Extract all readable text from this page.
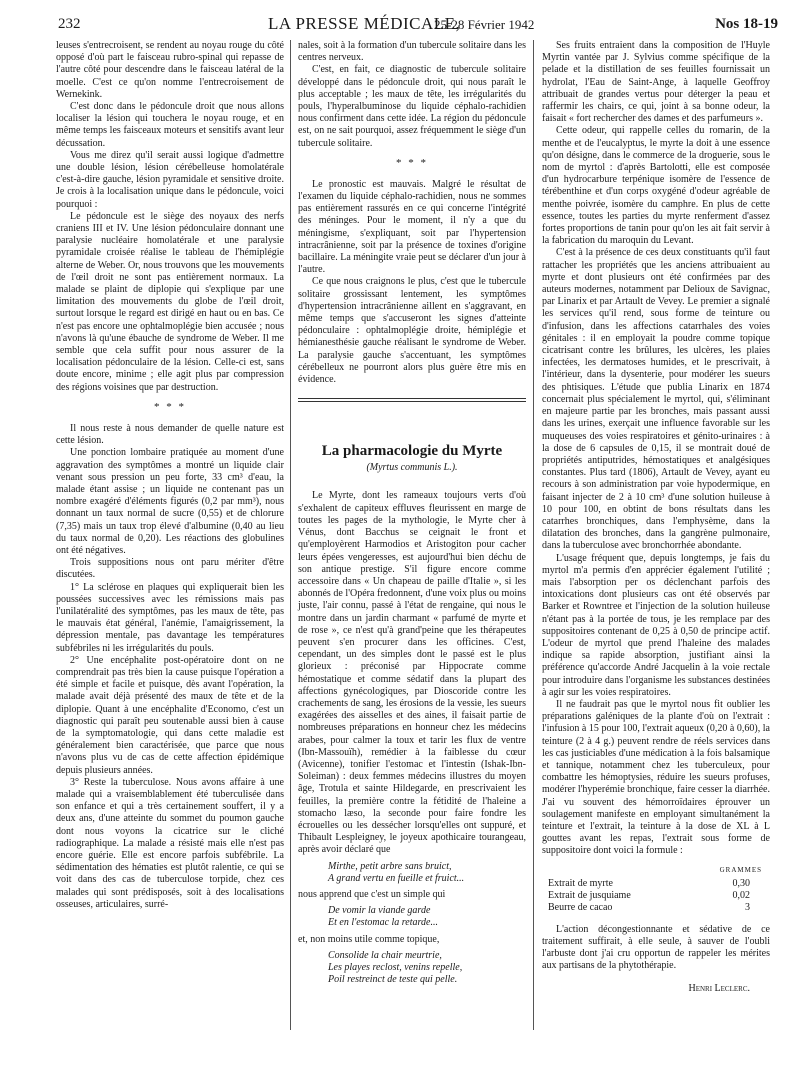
232	LA PRESSE MÉDICALE,
25-28 Février 1942	Nos 18-19

leuses s'entrecroisent, se rendent au noyau rouge du côté opposé d'où part le faisceau rubro-spinal qui repasse de l'autre côté pour descendre dans le faisceau latéral de la moelle. C'est ce qu'on nomme l'entrecroisement de Wernekink.

C'est donc dans le pédoncule droit que nous allons localiser la lésion qui touchera le noyau rouge, et en même temps les faisceaux moteurs et sensitifs avant leur décussation.

Vous me direz qu'il serait aussi logique d'admettre une double lésion, lésion cérébelleuse homolatérale c'est-à-dire gauche, lésion pyramidale et sensitive droite. Je crois à la localisation unique dans le pédoncule, voici pourquoi :

Le pédoncule est le siège des noyaux des nerfs craniens III et IV. Une lésion pédonculaire donnant une paralysie nucléaire homolatérale et une paralysie pyramidale croisée réalise le tableau de l'hémiplégie alterne de Weber. Or, nous trouvons que les mouvements de l'œil droit ne sont pas entièrement normaux. La malade se plaint de diplopie qui s'explique par une limitation des mouvements du globe de l'œil droit, surtout lorsque le regard est dirigé en haut ou en bas. Ce n'est pas encore une ophtalmoplégie bien accusée ; nous n'avons là qu'une ébauche de syndrome de Weber. Il me semble que cela suffit pour nous assurer de la localisation pédonculaire de la lésion. Celle-ci est, sans doute encore, minime ; elle agit plus par compression des régions voisines que par destruction.

* * *

Il nous reste à nous demander de quelle nature est cette lésion.

Une ponction lombaire pratiquée au moment d'une aggravation des symptômes a montré un liquide clair venant sous pression un peu forte, 33 cm³ d'eau, la malade étant assise ; un liquide ne contenant pas un nombre exagéré d'éléments figurés (0,2 par mm³), nous donnant un taux normal de sucre (0,55) et de chlorure (7,35) mais un taux trop élevé d'albumine (0,40 au lieu du taux normal de 0,20). Les réactions des globulines ont été négatives.

Trois suppositions nous ont paru mériter d'être discutées.

1° La sclérose en plaques qui expliquerait bien les poussées successives avec les rémissions mais pas l'unilatéralité des symptômes, pas les maux de tête, pas le mauvais état général, l'anémie, l'amaigrissement, la dépression mentale, pas davantage les températures subfébriles ni les irrégularités du pouls.

2° Une encéphalite post-opératoire dont on ne comprendrait pas très bien la cause puisque l'opération a été simple et facile et puisque, dès avant l'opération, la malade avait déjà présenté des maux de tête et de la diplopie. Quant à une encéphalite d'Economo, c'est un diagnostic qui paraît peu soutenable aussi bien à cause de la symptomatologie, qui dans cette maladie est généralement bien caractérisée, que parce que nous n'avons plus vu de cas de cette affection épidémique depuis plusieurs années.

3° Reste la tuberculose. Nous avons affaire à une malade qui a vraisemblablement été tuberculisée dans son enfance et qui a très certainement souffert, il y a deux ans, d'une atteinte du sommet du poumon gauche dont nous voyons la cicatrice sur le cliché radiographique. La malade a résisté mais elle n'est pas encore guérie. Elle est encore parfois subfébrile. La sédimentation des hématies est plutôt ralentie, ce qui se voit dans des cas de tuberculose torpide, chez ces malades qui sont prédisposés, soit à des localisations osseuses, articulaires, surré-

nales, soit à la formation d'un tubercule solitaire dans les centres nerveux.

C'est, en fait, ce diagnostic de tubercule solitaire développé dans le pédoncule droit, qui nous paraît le plus acceptable ; les maux de tête, les irrégularités du pouls, l'hyperalbuminose du liquide céphalo-rachidien nous confirment dans cette idée. La région du pédoncule est, on ne sait pourquoi, assez fréquemment le siège d'un tubercule solitaire.

* * *

Le pronostic est mauvais. Malgré le résultat de l'examen du liquide céphalo-rachidien, nous ne sommes pas entièrement rassurés en ce qui concerne l'intégrité des méninges. Pour le moment, il n'y a que du méningisme, s'expliquant, soit par l'hypertension intracrânienne, soit par la présence de toxines d'origine bacillaire. La méningite vraie peut se déclarer d'un jour à l'autre.

Ce que nous craignons le plus, c'est que le tubercule solitaire grossissant lentement, les symptômes d'hypertension intracrânienne aillent en s'aggravant, en même temps que s'accuseront les signes d'atteinte pédonculaire : ophtalmoplégie droite, hémiplégie et hémianesthésie gauche réalisant le syndrome de Weber. La paralysie gauche s'accentuant, les symptômes cérébelleux ne pourront alors plus guère être mis en évidence.

La pharmacologie du Myrte
(Myrtus communis L.).

Le Myrte, dont les rameaux toujours verts d'où s'exhalent de capiteux effluves fleurissent en marge de toutes les pages de la mythologie, le Myrte cher à Vénus, dont Bacchus se ceignait le front et qu'employèrent Harmodios et Aristogiton pour cacher leurs épées vengeresses, est aujourd'hui bien déchu de son antique prestige. S'il figure encore comme accessoire dans « Un chapeau de paille d'Italie », si les abonnés de l'Opéra fredonnent, d'une voix plus ou moins juste, l'air connu, passé à l'état de rengaine, qui nous le montre dans un jardin charmant « parfumé de myrte et de rose », ce n'est qu'à grand'peine que les thérapeutes peuvent s'en procurer dans les officines. C'est, cependant, un des simples dont le passé est le plus glorieux : préconisé par Hippocrate comme hémostatique et comme sédatif dans la plupart des affections gynécologiques, par Dioscoride contre les crachements de sang, les érosions de la vessie, les sueurs exagérées des aisselles et des aines, il faisait partie de nombreuses préparations en honneur chez les médecins arabes, pour calmer la toux et tarir les flux de ventre (Ibn-Massouïh), remédier à la faiblesse du cœur (Avicenne), tonifier l'estomac et l'intestin (Ishak-Ibn-Soleiman) : deux femmes médecins illustres du moyen âge, Trotula et sainte Hildegarde, en prescrivaient les feuilles, la première contre la fétidité de l'haleine a stomacho læso, la seconde pour faire fondre les écrouelles ou les dessécher lorsqu'elles ont suppuré, et Thibault Lespleigney, le joyeux apothicaire tourangeau, après avoir déclaré que

Mirthe, petit arbre sans bruict,
A grand vertu en fueille et fruict...

nous apprend que c'est un simple qui

De vomir la viande garde
Et en l'estomac la retarde...

et, non moins utile comme topique,

Consolide la chair meurtrie,
Les playes reclost, venins repelle,
Poil restreinct de teste qui pelle.

Ses fruits entraient dans la composition de l'Huyle Myrtin vantée par J. Sylvius comme spécifique de la pelade et la distillation de ses feuilles fournissait un hydrolat, l'Eau de Saint-Ange, à laquelle Geoffroy attribuait de grandes vertus pour déterger la peau et raffermir les chairs, ce qui, joint à sa bonne odeur, la faisait « fort rechercher des dames et des parfumeurs ».

Cette odeur, qui rappelle celles du romarin, de la menthe et de l'eucalyptus, le myrte la doit à une essence qu'on désigne, dans le commerce de la droguerie, sous le nom de myrtol : d'après Bartolotti, elle est composée d'un hydrocarbure terpénique isomère de l'essence de térébenthine et d'un corps oxygéné d'odeur agréable de menthe poivrée, isomère du camphre. En plus de cette essence, toutes les parties du myrte renferment d'assez fortes proportions de tanin pour qu'on les ait fait servir à la fabrication du maroquin du Levant.

C'est à la présence de ces deux constituants qu'il faut rattacher les propriétés que les anciens attribuaient au myrte et dont plusieurs ont été confirmées par des auteurs modernes, notamment par Delioux de Savignac, par Linarix et par Artault de Vevey. Le premier a signalé les services qu'il rend, sous forme de teinture ou d'infusion, dans les affections catarrhales des voies génitales : il en employait la poudre comme topique cicatrisant contre les brûlures, les ulcères, les plaies infectées, les dermatoses humides, et le prescrivait, à l'intérieur, dans la dysenterie, pour modérer les sueurs des phtisiques. L'étude que publia Linarix en 1874 concernait plus spécialement le myrtol, qui, s'éliminant en majeure partie par les bronches, mais passant aussi dans les urines, exerçait une influence favorable sur les muqueuses des voies respiratoires et génito-urinaires : à la dose de 6 capsules de 0,15, il se montrait doué de propriétés antiputrides, hémostatiques et analgésiques constantes. Plus tard (1806), Artault de Vevey, ayant eu recours à son administration par voie hypodermique, en faisant injecter de 2 à 10 cm³ d'une solution huileuse à 10 pour 100, en obtint de bons résultats dans les catarrhes bronchiques, dans l'emphysème, dans la dilatation des bronches, dans la gangrène pulmonaire, dans la tuberculose avec bronchorrhée abondante.

L'usage fréquent que, depuis longtemps, je fais du myrtol m'a permis d'en apprécier également l'utilité ; mais l'absorption per os déclenchant parfois des intoxications dont plusieurs cas ont été observés par Barker et Rowntree et l'injection de la solution huileuse n'étant pas à la portée de tous, je les remplace par des suppositoires contenant de 0,25 à 0,50 de principe actif. L'odeur de myrtol que prend l'haleine des malades indique sa rapide absorption, justifiant ainsi la préférence qu'accorde André Jacquelin à la voie rectale pour introduire dans l'organisme les substances destinées à agir sur les voies respiratoires.

Il ne faudrait pas que le myrtol nous fit oublier les préparations galéniques de la plante d'où on l'extrait : l'infusion à 15 pour 100, l'extrait aqueux (0,20 à 0,60), la teinture (2 à 4 g.) peuvent rendre de réels services dans les cas justiciables d'une médication à la fois balsamique et tannique, notamment chez les tuberculeux, pour combattre les hémoptysies, réduire les sueurs profuses, modérer l'hyperémie bronchique, faire cesser la diarrhée. J'ai vu souvent des hémorroïdaires éprouver un soulagement manifeste en employant simultanément la teinture et l'extrait, la teinture à la dose de XL à L gouttes avant les repas, l'extrait sous forme de suppositoire dont voici la formule :

GRAMMES
Extrait de myrte	0,30
Extrait de jusquiame	0,02
Beurre de cacao	3

L'action décongestionnante et sédative de ce traitement suffirait, à elle seule, à sauver de l'oubli l'arbuste dont j'ai cru opportun de rappeler les mérites aux partisans de la phytothérapie.

Henri Leclerc.
